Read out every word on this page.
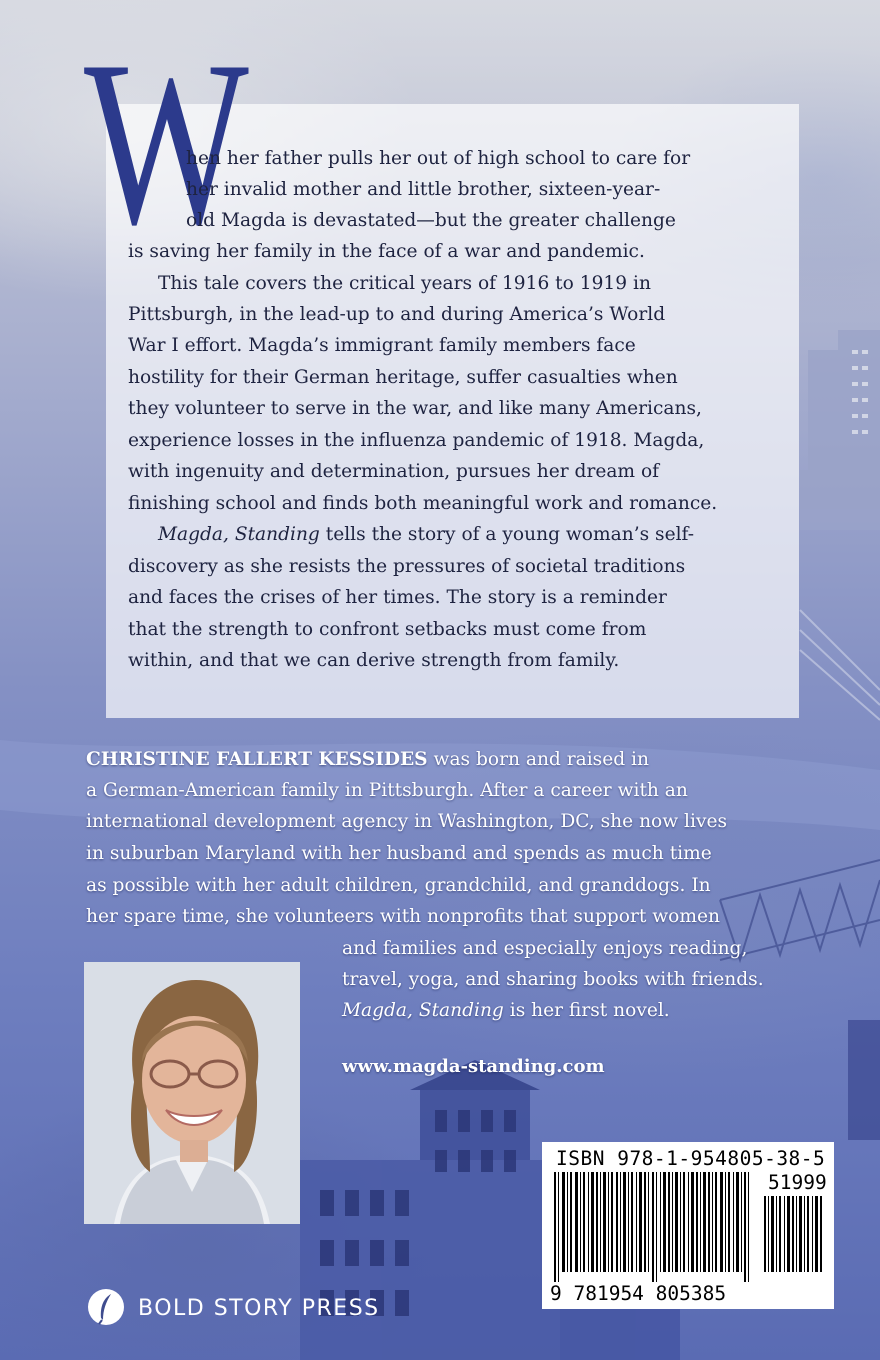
W

hen her father pulls her out of high school to care for
her invalid mother and little brother, sixteen-year-
old Magda is devastated—but the greater challenge
is saving her family in the face of a war and pandemic.
This tale covers the critical years of 1916 to 1919 in
Pittsburgh, in the lead-up to and during America’s World
War I effort. Magda’s immigrant family members face
hostility for their German heritage, suffer casualties when
they volunteer to serve in the war, and like many Americans,
experience losses in the influenza pandemic of 1918. Magda,
with ingenuity and determination, pursues her dream of
finishing school and finds both meaningful work and romance.
Magda, Standing tells the story of a young woman’s self-
discovery as she resists the pressures of societal traditions
and faces the crises of her times. The story is a reminder
that the strength to confront setbacks must come from
within, and that we can derive strength from family.
CHRISTINE FALLERT KESSIDES was born and raised in
a German-American family in Pittsburgh. After a career with an
international development agency in Washington, DC, she now lives
in suburban Maryland with her husband and spends as much time
as possible with her adult children, grandchild, and granddogs. In
her spare time, she volunteers with nonprofits that support women
and families and especially enjoys reading,
travel, yoga, and sharing books with friends.
Magda, Standing is her first novel.
www.magda-standing.com

ISBN 978-1-954805-38-5

51999

9 781954 805385

BOLD STORY PRESS
